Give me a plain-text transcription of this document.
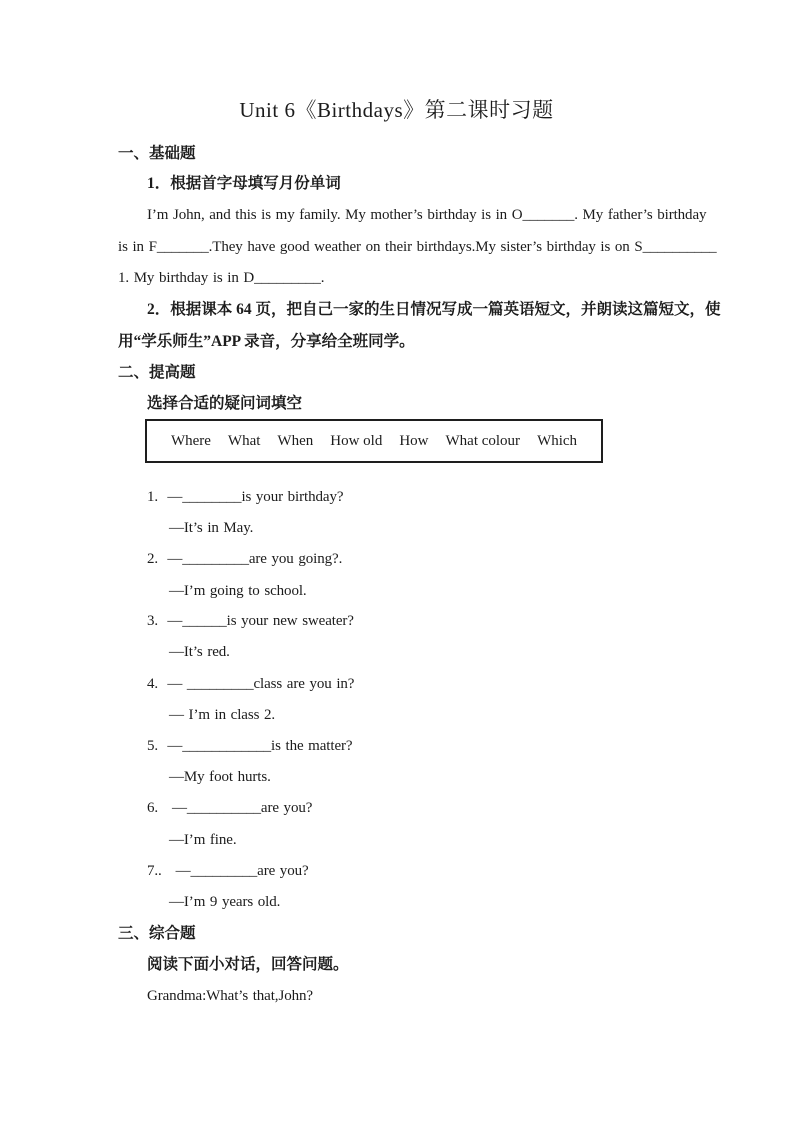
Unit 6《Birthdays》第二课时习题
一、基础题
1．根据首字母填写月份单词
I’m John, and this is my family. My mother’s birthday is in O_______. My father’s birthday
is in F_______.They have good weather on their birthdays.My sister’s birthday is on S__________
1. My birthday is in D_________.
2．根据课本 64 页，把自己一家的生日情况写成一篇英语短文，并朗读这篇短文，使
用“学乐师生”APP 录音，分享给全班同学。
二、提高题
选择合适的疑问词填空
Where What When How old How What colour Which
1.  —________is your birthday?
—It’s in May.
2.  —_________are you going?.
—I’m going to school.
3.  —______is your new sweater?
—It’s red.
4.  — _________class are you in?
— I’m in class 2.
5.  —____________is the matter?
—My foot hurts.
6.   —__________are you?
—I’m fine.
7..   —_________are you?
—I’m 9 years old.
三、综合题
阅读下面小对话，回答问题。
Grandma:What’s that,John?
